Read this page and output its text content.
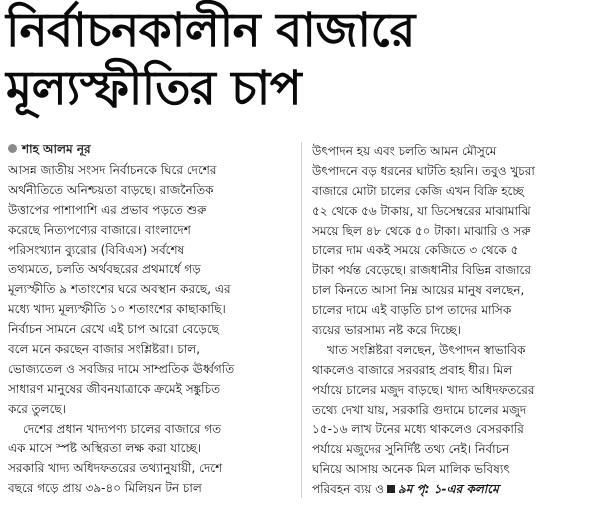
নির্বাচনকালীন বাজারে
মূল্যস্ফীতির চাপ
শাহ আলম নূর
আসন্ন জাতীয় সংসদ নির্বাচনকে ঘিরে দেশের
অর্থনীতিতে অনিশ্চয়তা বাড়ছে। রাজনৈতিক
উত্তাপের পাশাপাশি এর প্রভাব পড়তে শুরু
করেছে নিত্যপণ্যের বাজারে। বাংলাদেশ
পরিসংখ্যান ব্যুরোর (বিবিএস) সর্বশেষ
তথ্যমতে, চলতি অর্থবছরের প্রথমার্ধে গড়
মূল্যস্ফীতি ৯ শতাংশের ঘরে অবস্থান করছে, এর
মধ্যে খাদ্য মূল্যস্ফীতি ১০ শতাংশের কাছাকাছি।
নির্বাচন সামনে রেখে এই চাপ আরো বেড়েছে
বলে মনে করছেন বাজার সংশ্লিষ্টরা। চাল,
ভোজ্যতেল ও সবজির দামে সাম্প্রতিক ঊর্ধ্বগতি
সাধারণ মানুষের জীবনযাত্রাকে ক্রমেই সঙ্কুচিত
করে তুলছে।
দেশের প্রধান খাদ্যপণ্য চালের বাজারে গত
এক মাসে স্পষ্ট অস্থিরতা লক্ষ করা যাচ্ছে।
সরকারি খাদ্য অধিদফতরের তথ্যানুযায়ী, দেশে
বছরে গড়ে প্রায় ৩৯-৪০ মিলিয়ন টন চাল
উৎপাদন হয় এবং চলতি আমন মৌসুমে
উৎপাদনে বড় ধরনের ঘাটতি হয়নি। তবুও খুচরা
বাজারে মোটা চালের কেজি এখন বিক্রি হচ্ছে
৫২ থেকে ৫৬ টাকায়, যা ডিসেম্বরের মাঝামাঝি
সময়ে ছিল ৪৮ থেকে ৫০ টাকা। মাঝারি ও সরু
চালের দাম একই সময়ে কেজিতে ৩ থেকে ৫
টাকা পর্যন্ত বেড়েছে। রাজধানীর বিভিন্ন বাজারে
চাল কিনতে আসা নিম্ন আয়ের মানুষ বলছেন,
চালের দামে এই বাড়তি চাপ তাদের মাসিক
ব্যয়ের ভারসাম্য নষ্ট করে দিচ্ছে।
খাত সংশ্লিষ্টরা বলছেন, উৎপাদন স্বাভাবিক
থাকলেও বাজারে সরবরাহ প্রবাহ ধীর। মিল
পর্যায়ে চালের মজুদ বাড়ছে। খাদ্য অধিদফতরের
তথ্যে দেখা যায়, সরকারি গুদামে চালের মজুদ
১৫-১৬ লাখ টনের মধ্যে থাকলেও বেসরকারি
পর্যায়ে মজুদের সুনির্দিষ্ট তথ্য নেই। নির্বাচন
ঘনিয়ে আসায় অনেক মিল মালিক ভবিষ্যৎ
পরিবহন ব্যয় ও ৯ম পৃ: ১-এর কলামে
